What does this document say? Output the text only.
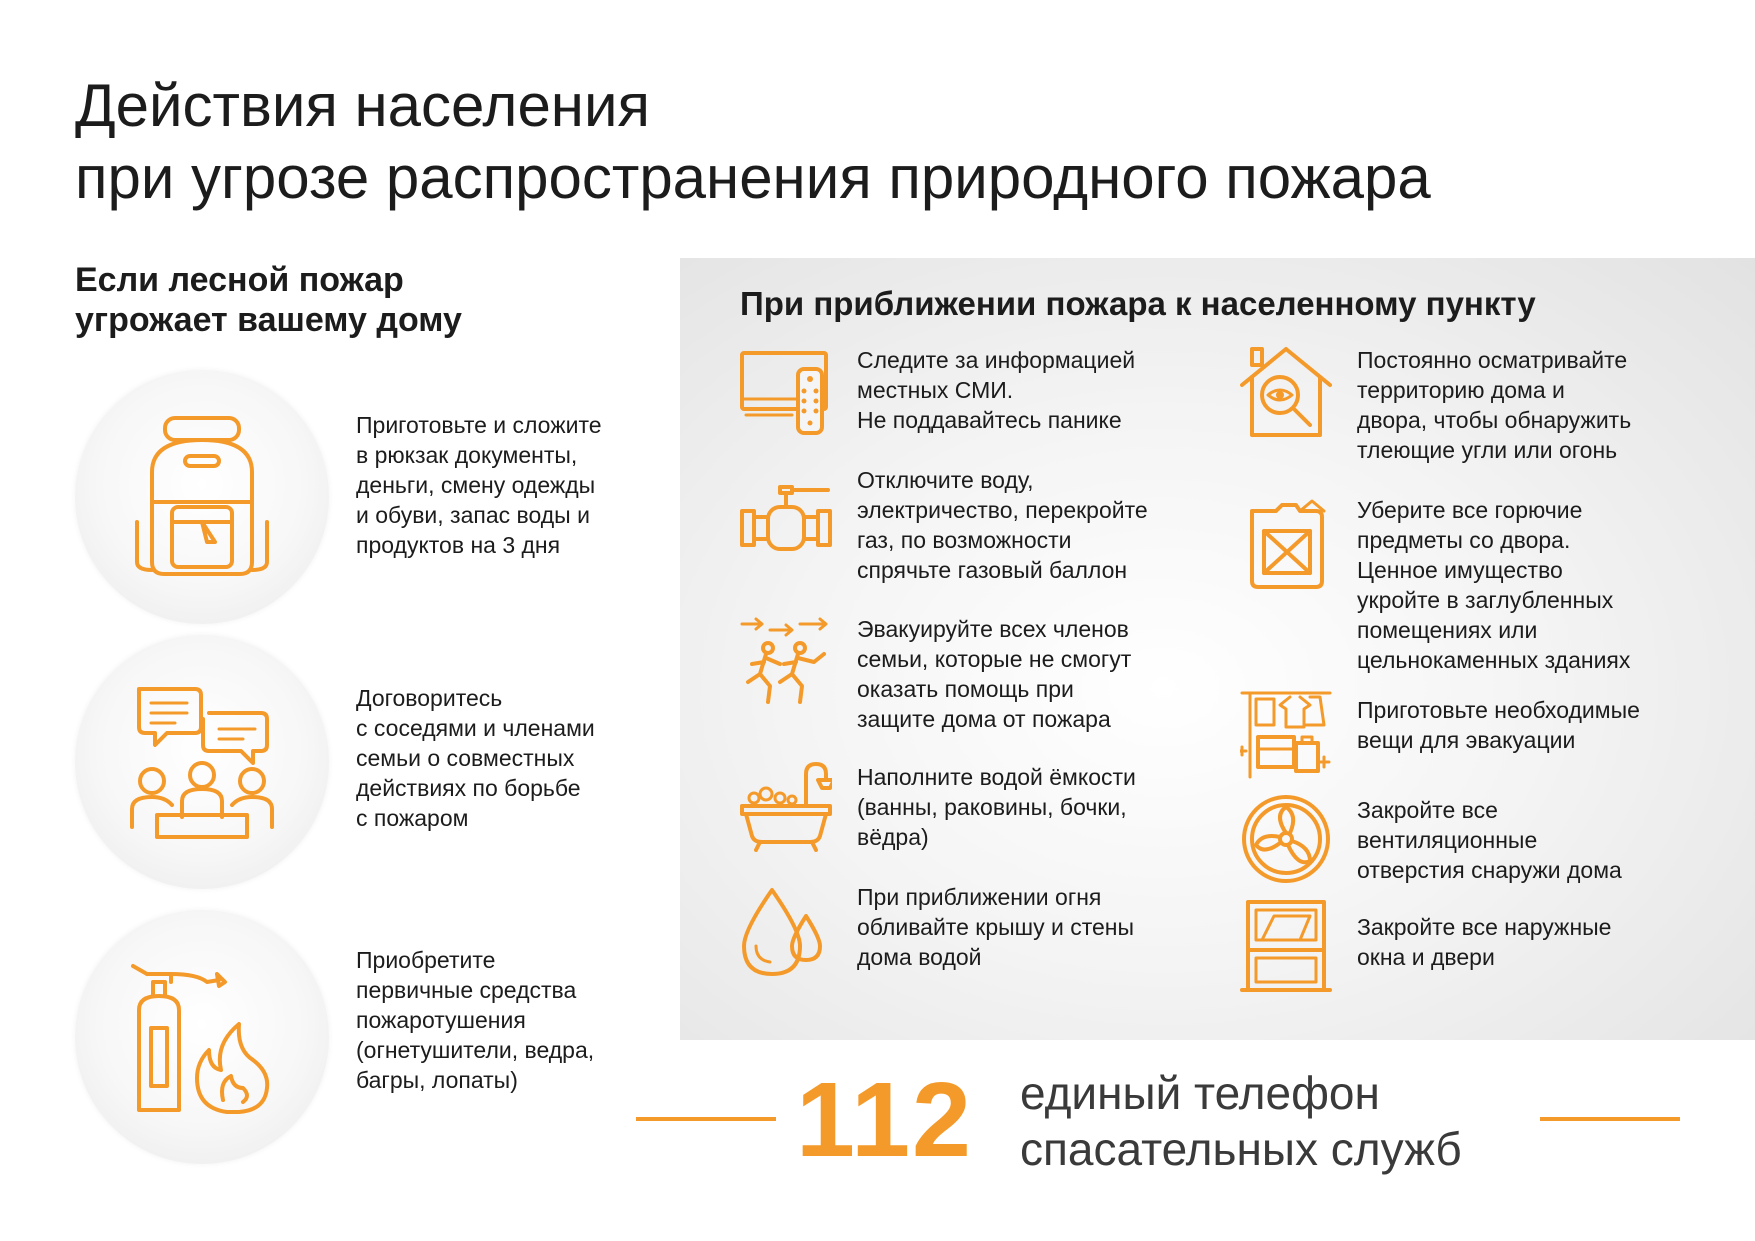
Действия населения
при угрозе распространения природного пожара
Если лесной пожар
угрожает вашему дому
Приготовьте и сложите
в рюкзак документы,
деньги, смену одежды
и обуви, запас воды и
продуктов на 3 дня
Договоритесь
с соседями и членами
семьи о совместных
действиях по борьбе
с пожаром
Приобретите
первичные средства
пожаротушения
(огнетушители, ведра,
багры, лопаты)
При приближении пожара к населенному пункту
Следите за информацией
местных СМИ.
Не поддавайтесь панике
Отключите воду,
электричество, перекройте
газ, по возможности
спрячьте газовый баллон
Эвакуируйте всех членов
семьи, которые не смогут
оказать помощь при
защите дома от пожара
Наполните водой ёмкости
(ванны, раковины, бочки,
вёдра)
При приближении огня
обливайте крышу и стены
дома водой
Постоянно осматривайте
территорию дома и
двора, чтобы обнаружить
тлеющие угли или огонь
Уберите все горючие
предметы со двора.
Ценное имущество
укройте в заглубленных
помещениях или
цельнокаменных зданиях
Приготовьте необходимые
вещи для эвакуации
Закройте все
вентиляционные
отверстия снаружи дома
Закройте все наружные
окна и двери
112 единый телефон
спасательных служб
